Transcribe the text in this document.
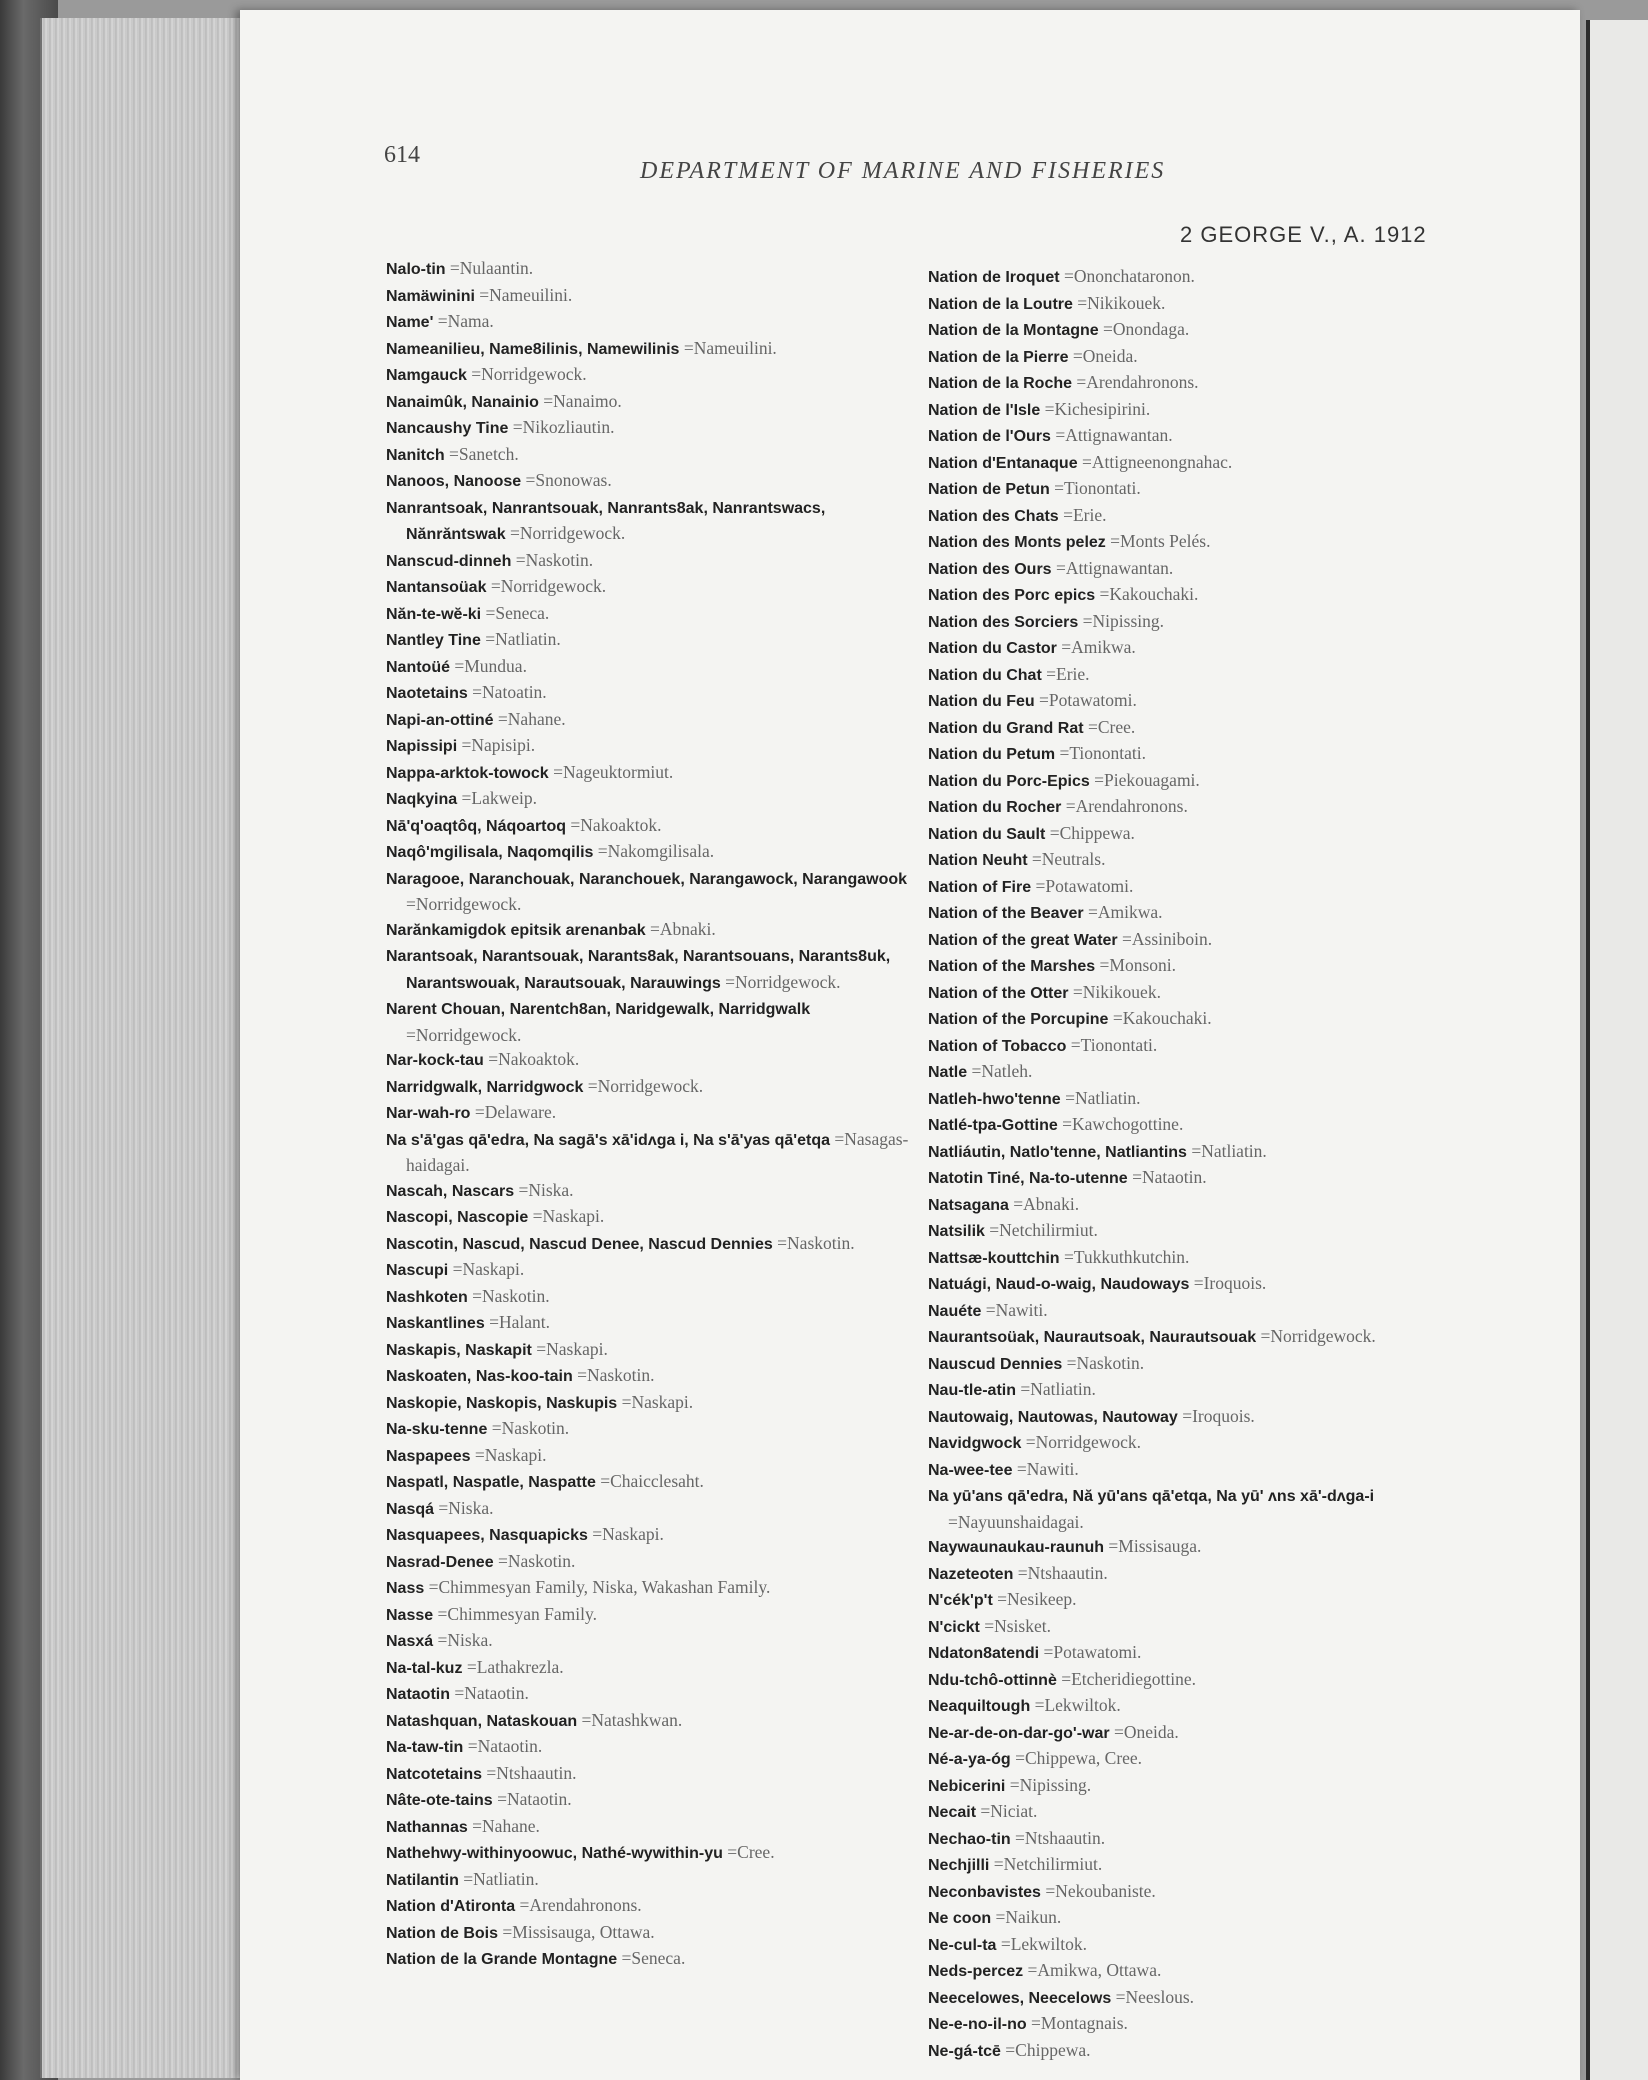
614
DEPARTMENT OF MARINE AND FISHERIES
2 GEORGE V., A. 1912
Nalo-tin =Nulaantin.
Namäwinini =Nameuilini.
Name' =Nama.
Nameanilieu, Name8ilinis, Namewilinis =Nameuilini.
Namgauck =Norridgewock.
Nanaimûk, Nanainio =Nanaimo.
Nancaushy Tine =Nikozliautin.
Nanitch =Sanetch.
Nanoos, Nanoose =Snonowas.
Nanrantsoak, Nanrantsouak, Nanrants8ak, Nanrantswacs, Nănrăntswak =Norridgewock.
Nanscud-dinneh =Naskotin.
Nantansoüak =Norridgewock.
Năn-te-wĕ-ki =Seneca.
Nantley Tine =Natliatin.
Nantoüé =Mundua.
Naotetains =Natoatin.
Napi-an-ottiné =Nahane.
Napissipi =Napisipi.
Nappa-arktok-towock =Nageuktormiut.
Naqkyina =Lakweip.
Nā'q'oaqtôq, Náqoartoq =Nakoaktok.
Naqô'mgilisala, Naqomqilis =Nakomgilisala.
Naragooe, Naranchouak, Naranchouek, Narangawock, Narangawook =Norridgewock.
Narănkamigdok epitsik arenanbak =Abnaki.
Narantsoak, Narantsouak, Narants8ak, Narantsouans, Narants8uk, Narantswouak, Narautsouak, Narauwings =Norridgewock.
Narent Chouan, Narentch8an, Naridgewalk, Narridgwalk =Norridgewock.
Nar-kock-tau =Nakoaktok.
Narridgwalk, Narridgwock =Norridgewock.
Nar-wah-ro =Delaware.
Na s'ā'gas qā'edra, Na sagā's xā'idʌga i, Na s'ā'yas qā'etqa =Nasagas-haidagai.
Nascah, Nascars =Niska.
Nascopi, Nascopie =Naskapi.
Nascotin, Nascud, Nascud Denee, Nascud Dennies =Naskotin.
Nascupi =Naskapi.
Nashkoten =Naskotin.
Naskantlines =Halant.
Naskapis, Naskapit =Naskapi.
Naskoaten, Nas-koo-tain =Naskotin.
Naskopie, Naskopis, Naskupis =Naskapi.
Na-sku-tenne =Naskotin.
Naspapees =Naskapi.
Naspatl, Naspatle, Naspatte =Chaicclesaht.
Nasqá =Niska.
Nasquapees, Nasquapicks =Naskapi.
Nasrad-Denee =Naskotin.
Nass =Chimmesyan Family, Niska, Wakashan Family.
Nasse =Chimmesyan Family.
Nasxá =Niska.
Na-tal-kuz =Lathakrezla.
Nataotin =Nataotin.
Natashquan, Nataskouan =Natashkwan.
Na-taw-tin =Nataotin.
Natcotetains =Ntshaautin.
Nâte-ote-tains =Nataotin.
Nathannas =Nahane.
Nathehwy-withinyoowuc, Nathé-wywithin-yu =Cree.
Natilantin =Natliatin.
Nation d'Atironta =Arendahronons.
Nation de Bois =Missisauga, Ottawa.
Nation de la Grande Montagne =Seneca.
Nation de Iroquet =Ononchataronon.
Nation de la Loutre =Nikikouek.
Nation de la Montagne =Onondaga.
Nation de la Pierre =Oneida.
Nation de la Roche =Arendahronons.
Nation de l'Isle =Kichesipirini.
Nation de l'Ours =Attignawantan.
Nation d'Entanaque =Attigneenongnahac.
Nation de Petun =Tionontati.
Nation des Chats =Erie.
Nation des Monts pelez =Monts Pelés.
Nation des Ours =Attignawantan.
Nation des Porc epics =Kakouchaki.
Nation des Sorciers =Nipissing.
Nation du Castor =Amikwa.
Nation du Chat =Erie.
Nation du Feu =Potawatomi.
Nation du Grand Rat =Cree.
Nation du Petum =Tionontati.
Nation du Porc-Epics =Piekouagami.
Nation du Rocher =Arendahronons.
Nation du Sault =Chippewa.
Nation Neuht =Neutrals.
Nation of Fire =Potawatomi.
Nation of the Beaver =Amikwa.
Nation of the great Water =Assiniboin.
Nation of the Marshes =Monsoni.
Nation of the Otter =Nikikouek.
Nation of the Porcupine =Kakouchaki.
Nation of Tobacco =Tionontati.
Natle =Natleh.
Natleh-hwo'tenne =Natliatin.
Natlé-tpa-Gottine =Kawchogottine.
Natliáutin, Natlo'tenne, Natliantins =Natliatin.
Natotin Tiné, Na-to-utenne =Nataotin.
Natsagana =Abnaki.
Natsilik =Netchilirmiut.
Nattsæ-kouttchin =Tukkuthkutchin.
Natuági, Naud-o-waig, Naudoways =Iroquois.
Nauéte =Nawiti.
Naurantsoüak, Naurautsoak, Naurautsouak =Norridgewock.
Nauscud Dennies =Naskotin.
Nau-tle-atin =Natliatin.
Nautowaig, Nautowas, Nautoway =Iroquois.
Navidgwock =Norridgewock.
Na-wee-tee =Nawiti.
Na yū'ans qā'edra, Nă yū'ans qā'etqa, Na yū' ʌns xā'-dʌga-i =Nayuunshaidagai.
Naywaunaukau-raunuh =Missisauga.
Nazeteoten =Ntshaautin.
N'cék'p't =Nesikeep.
N'cickt =Nsisket.
Ndaton8atendi =Potawatomi.
Ndu-tchô-ottinnè =Etcheridiegottine.
Neaquiltough =Lekwiltok.
Ne-ar-de-on-dar-go'-war =Oneida.
Né-a-ya-óg =Chippewa, Cree.
Nebicerini =Nipissing.
Necait =Niciat.
Nechao-tin =Ntshaautin.
Nechjilli =Netchilirmiut.
Neconbavistes =Nekoubaniste.
Ne coon =Naikun.
Ne-cul-ta =Lekwiltok.
Neds-percez =Amikwa, Ottawa.
Neecelowes, Neecelows =Neeslous.
Ne-e-no-il-no =Montagnais.
Ne-gá-tcē =Chippewa.
